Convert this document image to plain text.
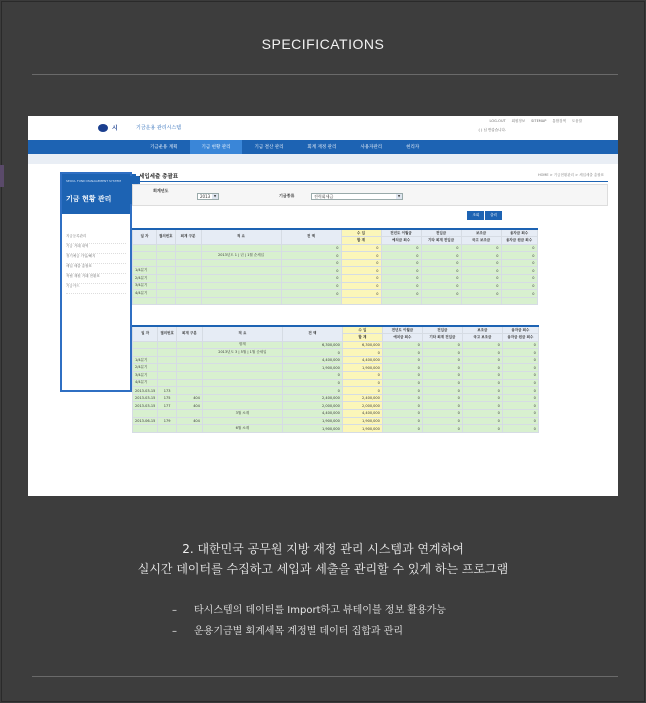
SPECIFICATIONS
시	기금운용 관리시스템
LOG-OUT 회원정보 SITEMAP 통합검색 도움말
( ) 님 반갑습니다.
기금운용 계획	기금 현황 관리	기금 결산 관리	회계 재정 관리	사용자관리	현리자
SEOUL FUND MANAGEMENT SYSTEM
기금 현황 관리
지금등록관리
기금 거래 내역
정기예금 가입/해지
세입 세출 총괄표
적립 재원 거래 현황표
기금카드
세입세출 총괄표	HOME > 기금현황관리 > 세입세출 총괄표
회계년도
2013	▼	기금종류	전력회세금	▼
조회	출력
일 자	결의번호	회계 구분	적 요	전 액	수 입	전년도 이월금	전입금	보조금	융자금 회수
					합 계	예치금 회수	기타 회계 전입금	국고 보조금	융자금 원금 회수
				0	0	0	0	0	0
			2013년도 1 | 년 | 1월 순세입	0	0	0	0	0	0
				0	0	0	0	0	0
1/4분기				0	0	0	0	0	0
2/4분기				0	0	0	0	0	0
3/4분기				0	0	0	0	0	0
4/4분기				0	0	0	0	0	0

일 자	결의번호	회계 구분	적 요	전 액	수 입	전년도 이월금	전입금	보조금	융자금 회수
					합 계	예치금 회수	기타 회계 전입금	국고 보조금	융자금 원금 회수
			합계	6,300,000	6,300,000	0	0	0	0
			2013년도 3 | 5월 | 1월 순세입	0	0	0	0	0	0
1/4분기				4,400,000	4,400,000	0	0	0	0
2/4분기				1,900,000	1,900,000	0	0	0	0
3/4분기				0	0	0	0	0	0
4/4분기				0	0	0	0	0	0
2013-03-15	173			0	0	0	0	0	0
2013-03-15	175	404		2,400,000	2,400,000	0	0	0	0
2013-03-15	177	404		2,000,000	2,000,000	0	0	0	0
			3월 소계	4,400,000	4,400,000	0	0	0	0
2013-06-15	179	404		1,900,000	1,900,000	0	0	0	0
			6월 소계	1,900,000	1,900,000	0	0	0	0
2. 대한민국 공무원 지방 재정 관리 시스템과 연계하여
실시간 데이터를 수집하고 세입과 세출을 관리할 수 있게 하는 프로그램
– 타시스템의 데이터를 Import하고 뷰테이블 정보 활용가능
– 운용기금별 회계세목 계정별 데이터 집합과 관리
